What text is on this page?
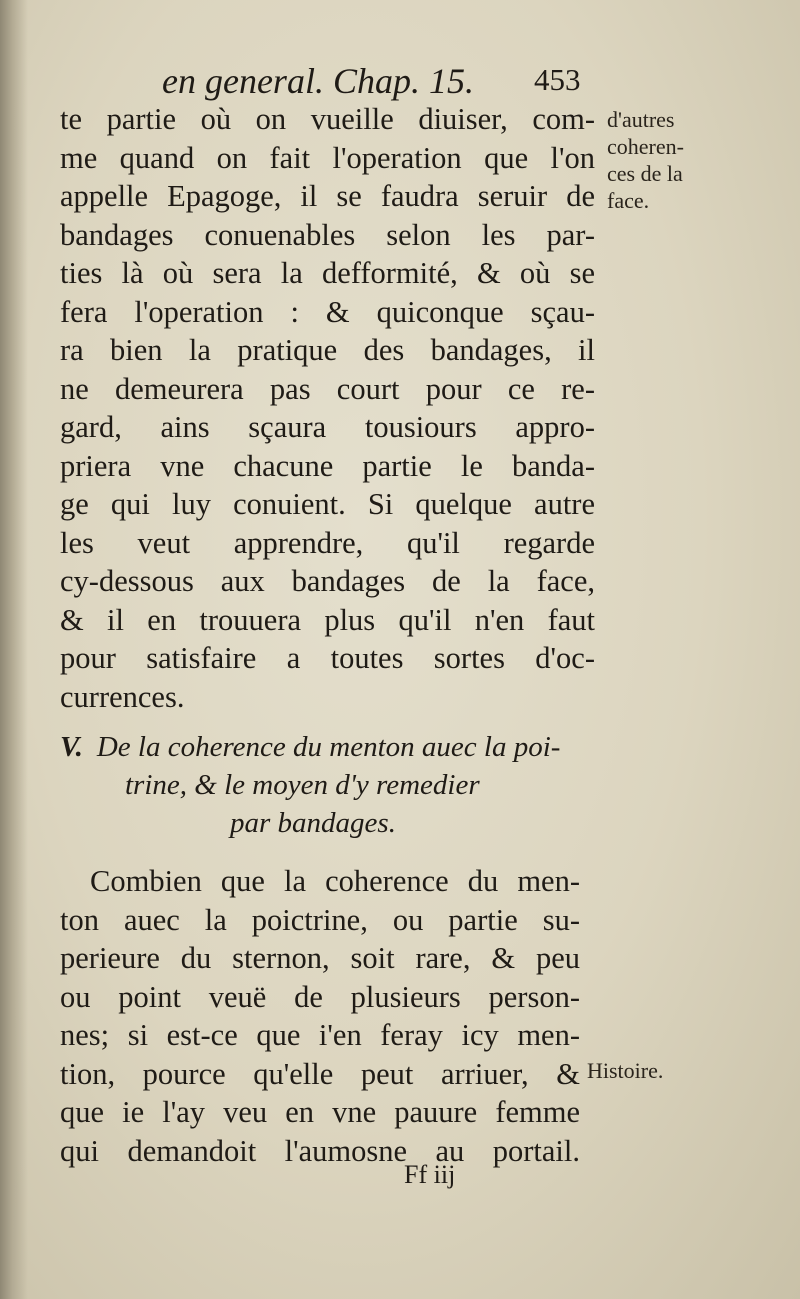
en general. Chap. 15. 453
te partie où on vueille diuiser, com-
me quand on fait l'operation que l'on
appelle Epagoge, il se faudra seruir de
bandages conuenables selon les par-
ties là où sera la defformité, & où se
fera l'operation : & quiconque sçau-
ra bien la pratique des bandages, il
ne demeurera pas court pour ce re-
gard, ains sçaura tousiours appro-
priera vne chacune partie le banda-
ge qui luy conuient. Si quelque autre
les veut apprendre, qu'il regarde
cy-dessous aux bandages de la face,
& il en trouuera plus qu'il n'en faut
pour satisfaire a toutes sortes d'oc-
currences.
d'autres
coheren-
ces de la
face.
V. De la coherence du menton auec la poi-
trine, & le moyen d'y remedier
par bandages.
Combien que la coherence du men-
ton auec la poictrine, ou partie su-
perieure du sternon, soit rare, & peu
ou point veuë de plusieurs person-
nes; si est-ce que i'en feray icy men-
tion, pource qu'elle peut arriuer, &
que ie l'ay veu en vne pauure femme
qui demandoit l'aumosne au portail.
Histoire.
Ff iij
